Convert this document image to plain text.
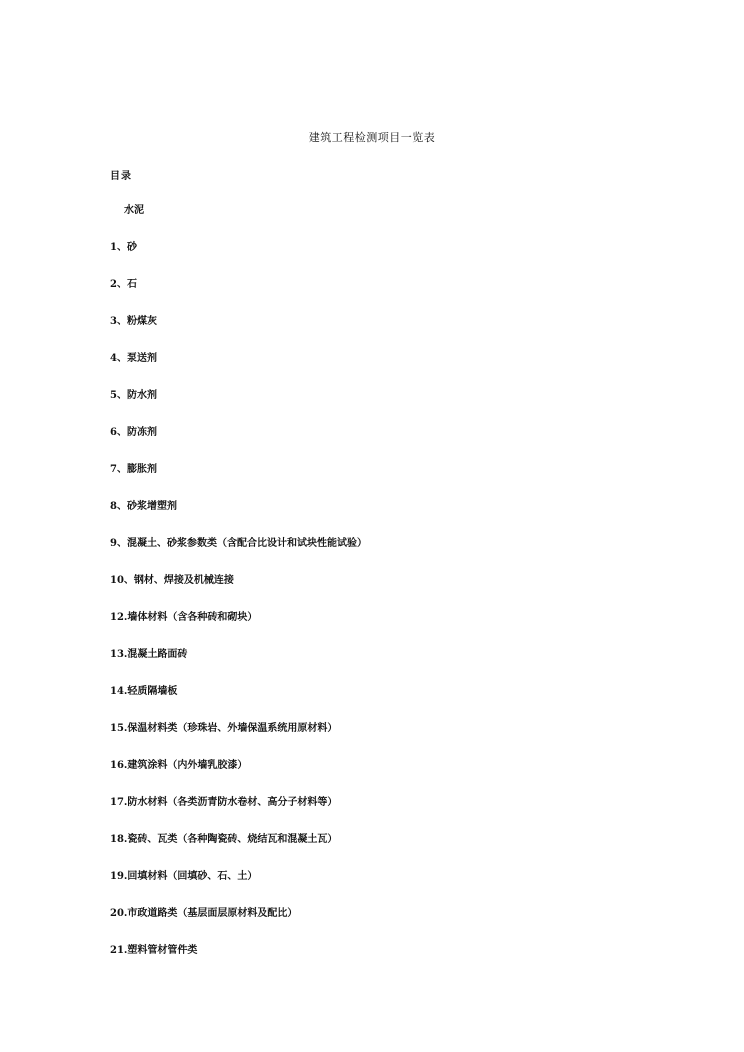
建筑工程检测项目一览表
目录
水泥
1、砂
2、石
3、粉煤灰
4、泵送剂
5、防水剂
6、防冻剂
7、膨胀剂
8、砂浆增塑剂
9、混凝土、砂浆参数类（含配合比设计和试块性能试验）
10、钢材、焊接及机械连接
12.墙体材料（含各种砖和砌块）
13.混凝土路面砖
14.轻质隔墙板
15.保温材料类（珍珠岩、外墙保温系统用原材料）
16.建筑涂料（内外墙乳胶漆）
17.防水材料（各类沥青防水卷材、高分子材料等）
18.瓷砖、瓦类（各种陶瓷砖、烧结瓦和混凝土瓦）
19.回填材料（回填砂、石、土）
20.市政道路类（基层面层原材料及配比）
21.塑料管材管件类
